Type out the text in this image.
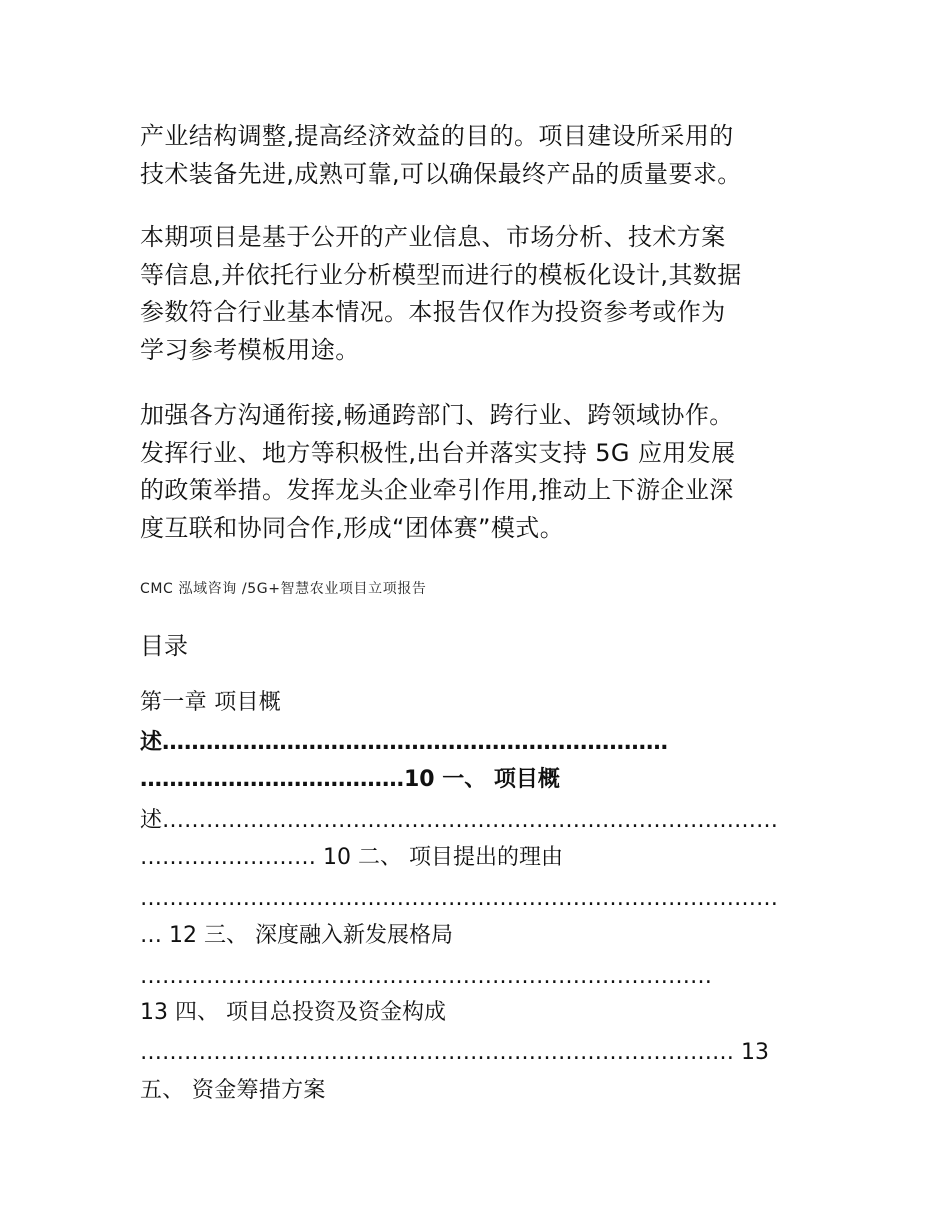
产业结构调整,提高经济效益的目的。项目建设所采用的
技术装备先进,成熟可靠,可以确保最终产品的质量要求。
本期项目是基于公开的产业信息、市场分析、技术方案
等信息,并依托行业分析模型而进行的模板化设计,其数据
参数符合行业基本情况。本报告仅作为投资参考或作为
学习参考模板用途。
加强各方沟通衔接,畅通跨部门、跨行业、跨领域协作。
发挥行业、地方等积极性,出台并落实支持 5G 应用发展
的政策举措。发挥龙头企业牵引作用,推动上下游企业深
度互联和协同合作,形成“团体赛”模式。
CMC 泓域咨询 /5G+智慧农业项目立项报告
目录
第一章 项目概
述……………………………………………………………
………………………………10 一、 项目概
述…………………………………………………………………………
…………………… 10 二、 项目提出的理由
……………………………………………………………………………
… 12 三、 深度融入新发展格局
……………………………………………………………………
13 四、 项目总投资及资金构成
……………………………………………………………………… 13
五、 资金筹措方案
